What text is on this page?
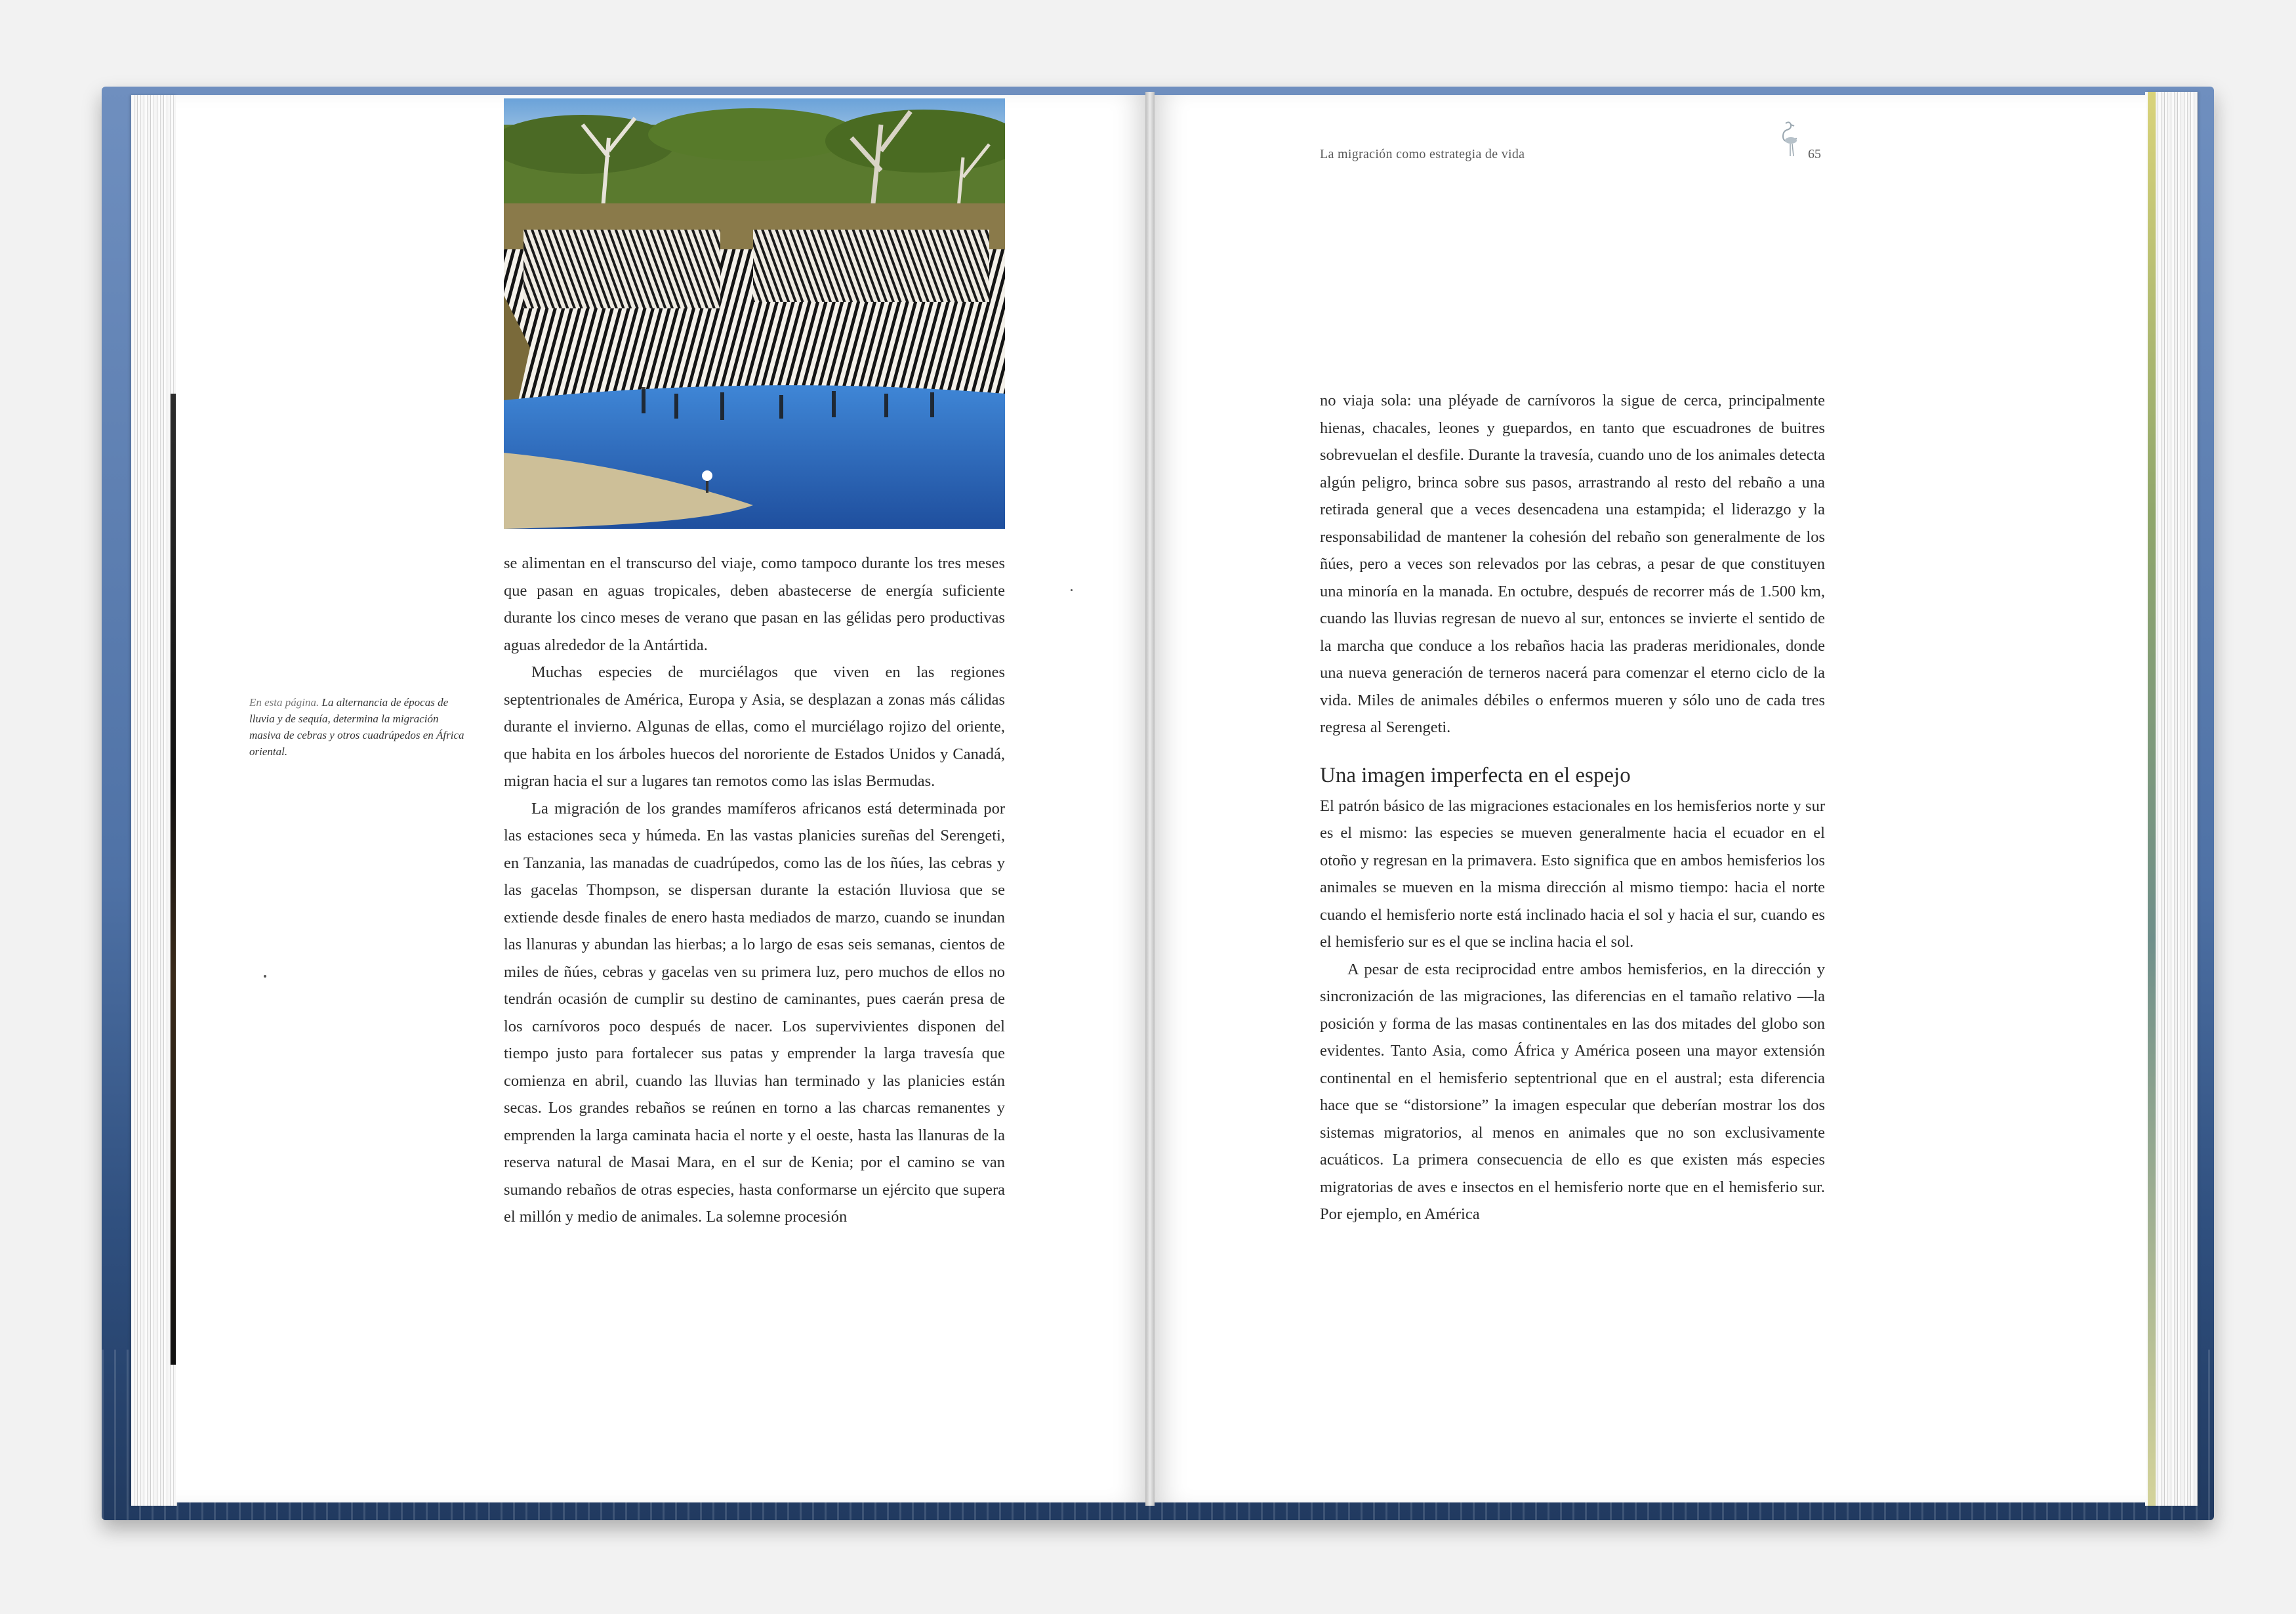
En esta página. La alternancia de épocas de lluvia y de sequía, determina la migración masiva de cebras y otros cuadrúpedos en África oriental.

se alimentan en el transcurso del viaje, como tampoco durante los tres meses que pasan en aguas tropicales, deben abastecerse de energía suficiente durante los cinco meses de verano que pasan en las gélidas pero productivas aguas alrededor de la Antártida.

Muchas especies de murciélagos que viven en las regiones septentrionales de América, Europa y Asia, se desplazan a zonas más cálidas durante el invierno. Algunas de ellas, como el murciélago rojizo del oriente, que habita en los árboles huecos del nororiente de Estados Unidos y Canadá, migran hacia el sur a lugares tan remotos como las islas Bermudas.

La migración de los grandes mamíferos africanos está determinada por las estaciones seca y húmeda. En las vastas planicies sureñas del Serengeti, en Tanzania, las manadas de cuadrúpedos, como las de los ñúes, las cebras y las gacelas Thompson, se dispersan durante la estación lluviosa que se extiende desde finales de enero hasta mediados de marzo, cuando se inundan las llanuras y abundan las hierbas; a lo largo de esas seis semanas, cientos de miles de ñúes, cebras y gacelas ven su primera luz, pero muchos de ellos no tendrán ocasión de cumplir su destino de caminantes, pues caerán presa de los carnívoros poco después de nacer. Los supervivientes disponen del tiempo justo para fortalecer sus patas y emprender la larga travesía que comienza en abril, cuando las lluvias han terminado y las planicies están secas. Los grandes rebaños se reúnen en torno a las charcas remanentes y emprenden la larga caminata hacia el norte y el oeste, hasta las llanuras de la reserva natural de Masai Mara, en el sur de Kenia; por el camino se van sumando rebaños de otras especies, hasta conformarse un ejército que supera el millón y medio de animales. La solemne procesión

La migración como estrategia de vida	65

no viaja sola: una pléyade de carnívoros la sigue de cerca, principalmente hienas, chacales, leones y guepardos, en tanto que escuadrones de buitres sobrevuelan el desfile. Durante la travesía, cuando uno de los animales detecta algún peligro, brinca sobre sus pasos, arrastrando al resto del rebaño a una retirada general que a veces desencadena una estampida; el liderazgo y la responsabilidad de mantener la cohesión del rebaño son generalmente de los ñúes, pero a veces son relevados por las cebras, a pesar de que constituyen una minoría en la manada. En octubre, después de recorrer más de 1.500 km, cuando las lluvias regresan de nuevo al sur, entonces se invierte el sentido de la marcha que conduce a los rebaños hacia las praderas meridionales, donde una nueva generación de terneros nacerá para comenzar el eterno ciclo de la vida. Miles de animales débiles o enfermos mueren y sólo uno de cada tres regresa al Serengeti.

Una imagen imperfecta en el espejo

El patrón básico de las migraciones estacionales en los hemisferios norte y sur es el mismo: las especies se mueven generalmente hacia el ecuador en el otoño y regresan en la primavera. Esto significa que en ambos hemisferios los animales se mueven en la misma dirección al mismo tiempo: hacia el norte cuando el hemisferio norte está inclinado hacia el sol y hacia el sur, cuando es el hemisferio sur es el que se inclina hacia el sol.

A pesar de esta reciprocidad entre ambos hemisferios, en la dirección y sincronización de las migraciones, las diferencias en el tamaño relativo —la posición y forma de las masas continentales en las dos mitades del globo son evidentes. Tanto Asia, como África y América poseen una mayor extensión continental en el hemisferio septentrional que en el austral; esta diferencia hace que se “distorsione” la imagen especular que deberían mostrar los dos sistemas migratorios, al menos en animales que no son exclusivamente acuáticos. La primera consecuencia de ello es que existen más especies migratorias de aves e insectos en el hemisferio norte que en el hemisferio sur. Por ejemplo, en América
